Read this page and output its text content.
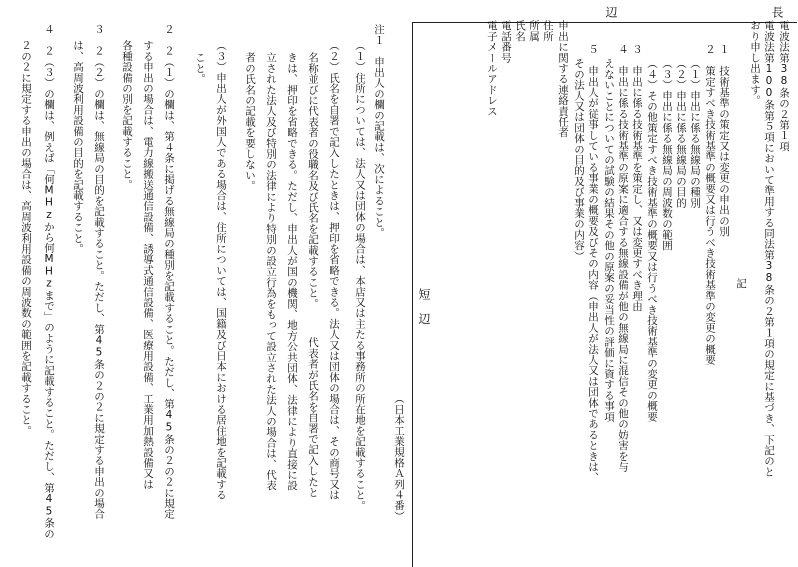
長
辺
電波法第38条の２第１項
電波法第100条第５項において準用する同法第38条の２第１項の規定に基づき、下記のと
おり申し出ます。
記
１　技術基準の策定又は変更の申出の別
２　策定すべき技術基準の概要又は行うべき技術基準の変更の概要
（１）申出に係る無線局の種別
（２）申出に係る無線局の目的
（３）申出に係る無線局の周波数の範囲
（４）その他策定すべき技術基準の概要又は行うべき技術基準の変更の概要
３　申出に係る技術基準を策定し、又は変更すべき理由
４　申出に係る技術基準の原案に適合する無線設備が他の無線局に混信その他の妨害を与
えないことについての試験の結果その他の原案の妥当性の評価に資する事項
５　申出人が従事している事業の概要及びその内容（申出人が法人又は団体であるときは、
その法人又は団体の目的及び事業の内容）
申出に関する連絡責任者
住所
所属
氏名
電話番号
電子メールアドレス
短　辺
（日本工業規格Ａ列４番）
注１　申出人の欄の記載は、次によること。
（１）住所については、法人又は団体の場合は、本店又は主たる事務所の所在地を記載すること。
（２）氏名を自署で記入したときは、押印を省略できる。法人又は団体の場合は、その商号又は
名称並びに代表者の役職名及び氏名を記載すること。
代表者が氏名を自署で記入したと
きは、押印を省略できる。ただし、申出人が国の機関、地方公共団体、法律により直接に設
立された法人及び特別の法律により特別の設立行為をもって設立された法人の場合は、代表
者の氏名の記載を要しない。
（３）申出人が外国人である場合は、住所については、国籍及び日本における居住地を記載する
こと。
２　２（１）の欄は、第４条に掲げる無線局の種別を記載すること。ただし、第45条の２の２に規定
する申出の場合は、電力線搬送通信設備、誘導式通信設備、医療用設備、工業用加熱設備又は
各種設備の別を記載すること。
３　２（２）の欄は、無線局の目的を記載すること。ただし、第45条の２の２に規定する申出の場合
は、高周波利用設備の目的を記載すること。
４　２（３）の欄は、例えば「何MHzから何MHzまで」のように記載すること。ただし、第45条の
２の２に規定する申出の場合は、高周波利用設備の周波数の範囲を記載すること。
